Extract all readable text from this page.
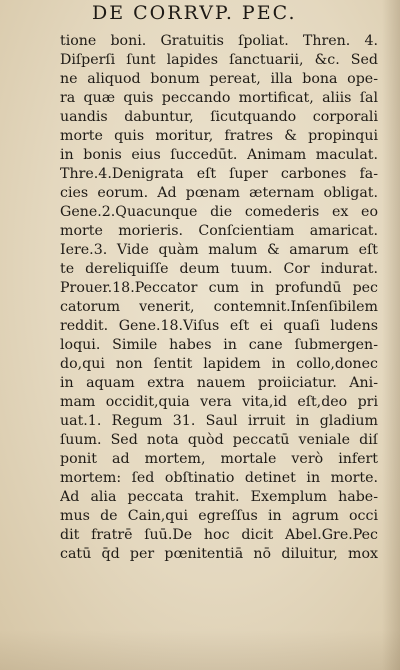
DE CORRVP. PEC.
tione boni. Gratuitis ſpoliat. Thren. 4.
Diſperſi ſunt lapides ſanctuarii, &c. Sed
ne aliquod bonum pereat, illa bona ope-
ra quæ quis peccando mortificat, aliis ſal
uandis dabuntur, ſicutquando corporali
morte quis moritur, fratres & propinqui
in bonis eius ſuccedūt. Animam maculat.
Thre.4.Denigrata eſt ſuper carbones fa-
cies eorum. Ad pœnam æternam obligat.
Gene.2.Quacunque die comederis ex eo
morte morieris. Conſcientiam amaricat.
Iere.3. Vide quàm malum & amarum eſt
te dereliquiſſe deum tuum. Cor indurat.
Prouer.18.Peccator cum in profundū pec
catorum venerit, contemnit.Inſenſibilem
reddit. Gene.18.Viſus eſt ei quaſi ludens
loqui. Simile habes in cane ſubmergen-
do,qui non ſentit lapidem in collo,donec
in aquam extra nauem proiiciatur. Ani-
mam occidit,quia vera vita,id eſt,deo pri
uat.1. Regum 31. Saul irruit in gladium
ſuum. Sed nota quòd peccatū veniale diſ
ponit ad mortem, mortale verò infert
mortem: ſed obſtinatio detinet in morte.
Ad alia peccata trahit. Exemplum habe-
mus de Cain,qui egreſſus in agrum occi
dit fratrē ſuū.De hoc dicit Abel.Gre.Pec
catū q̄d per pœnitentiā nō diluitur, mox
